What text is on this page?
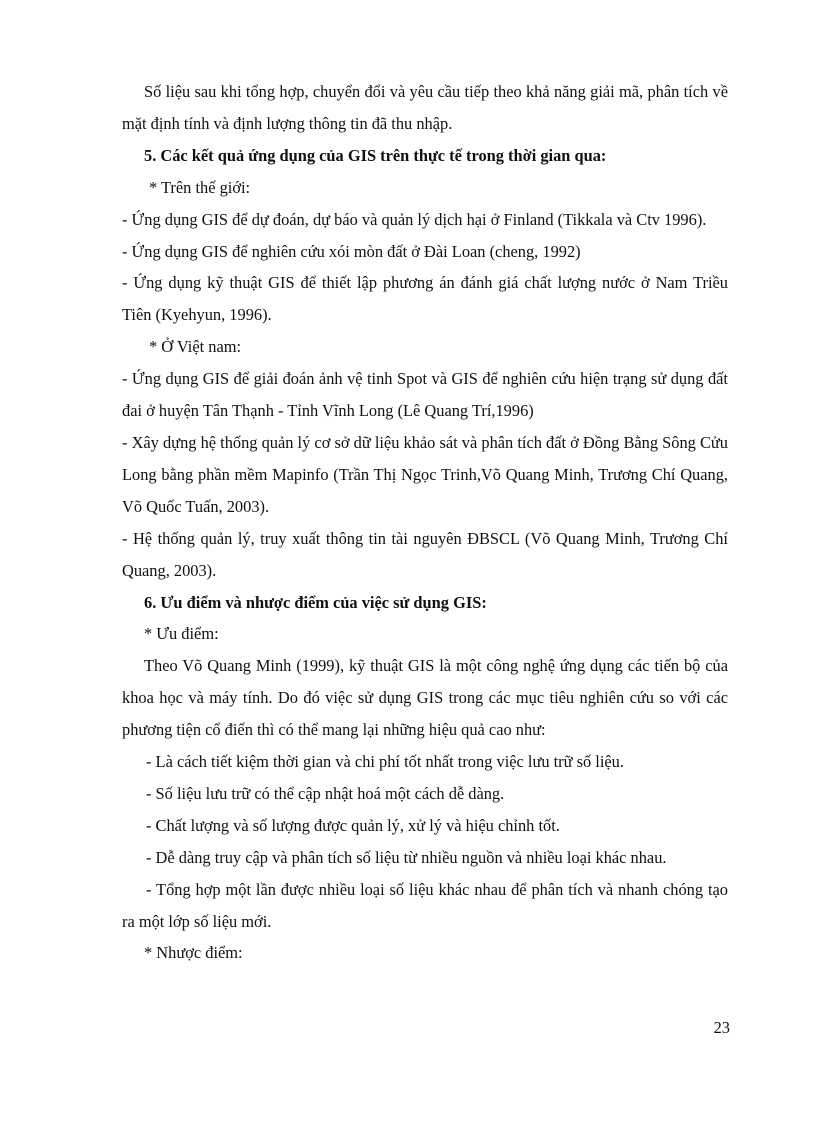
Số liệu sau khi tổng hợp, chuyển đổi và yêu cầu tiếp theo khả năng giải mã, phân tích về mặt định tính và định lượng thông tin đã thu nhập.

5. Các kết quả ứng dụng của GIS trên thực tế trong thời gian qua:

* Trên thế giới:

- Ứng dụng GIS để dự đoán, dự báo và quản lý dịch hại ở Finland (Tikkala và Ctv 1996).

- Ứng dụng GIS để nghiên cứu xói mòn đất ở Đài Loan (cheng, 1992)

- Ứng dụng kỹ thuật GIS để thiết lập phương án đánh giá chất lượng nước ở Nam Triều Tiên (Kyehyun, 1996).

* Ở Việt nam:

- Ứng dụng GIS để giải đoán ảnh vệ tinh Spot và GIS để nghiên cứu hiện trạng sử dụng đất đai ở huyện Tân Thạnh - Tỉnh Vĩnh Long (Lê Quang Trí,1996)

- Xây dựng hệ thống quản lý cơ sở dữ liệu khảo sát và phân tích đất ở Đồng Bằng Sông Cửu Long bằng phần mềm Mapinfo (Trần Thị Ngọc Trinh,Võ Quang Minh, Trương Chí Quang, Võ Quốc Tuấn, 2003).

- Hệ thống quản lý, truy xuất thông tin tài nguyên ĐBSCL (Võ Quang Minh, Trương Chí Quang, 2003).

6. Ưu điểm và nhược điểm của việc sử dụng GIS:

* Ưu điểm:

Theo Võ Quang Minh (1999), kỹ thuật GIS là một công nghệ ứng dụng các tiến bộ của khoa học và máy tính. Do đó việc sử dụng GIS trong các mục tiêu nghiên cứu so với các phương tiện cổ điển thì có thể mang lại những hiệu quả cao như:

- Là cách tiết kiệm thời gian và chi phí tốt nhất trong việc lưu trữ số liệu.

- Số liệu lưu trữ có thể cập nhật hoá một cách dễ dàng.

- Chất lượng và số lượng được quản lý, xử lý và hiệu chỉnh tốt.

- Dễ dàng truy cập và phân tích số liệu từ nhiều nguồn và nhiều loại khác nhau.

- Tổng hợp một lần được nhiều loại số liệu khác nhau để phân tích và nhanh chóng tạo ra một lớp số liệu mới.

* Nhược điểm:

23
